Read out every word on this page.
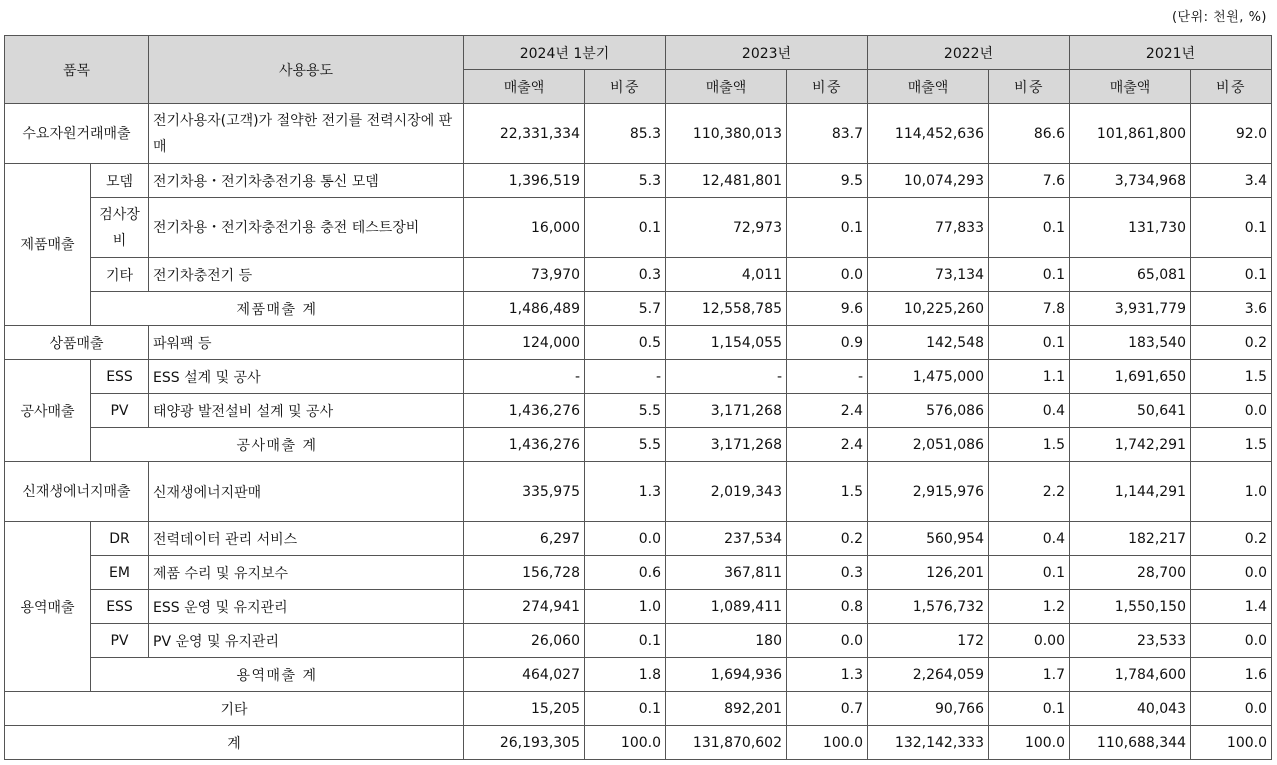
(단위: 천원, %)
품목		사용용도	2024년 1분기		2023년		2022년		2021년	
			매출액	비중	매출액	비중	매출액	비중	매출액	비중
수요자원거래매출		전기사용자(고객)가 절약한 전기를 전력시장에 판매	22,331,334	85.3	110,380,013	83.7	114,452,636	86.6	101,861,800	92.0
제품매출	모뎀	전기차용・전기차충전기용 통신 모뎀	1,396,519	5.3	12,481,801	9.5	10,074,293	7.6	3,734,968	3.4
	검사장비	전기차용・전기차충전기용 충전 테스트장비	16,000	0.1	72,973	0.1	77,833	0.1	131,730	0.1
	기타	전기차충전기 등	73,970	0.3	4,011	0.0	73,134	0.1	65,081	0.1
	제품매출 계		1,486,489	5.7	12,558,785	9.6	10,225,260	7.8	3,931,779	3.6
상품매출		파워팩 등	124,000	0.5	1,154,055	0.9	142,548	0.1	183,540	0.2
공사매출	ESS	ESS 설계 및 공사	-	-	-	-	1,475,000	1.1	1,691,650	1.5
	PV	태양광 발전설비 설계 및 공사	1,436,276	5.5	3,171,268	2.4	576,086	0.4	50,641	0.0
	공사매출 계		1,436,276	5.5	3,171,268	2.4	2,051,086	1.5	1,742,291	1.5
신재생에너지매출		신재생에너지판매	335,975	1.3	2,019,343	1.5	2,915,976	2.2	1,144,291	1.0
용역매출	DR	전력데이터 관리 서비스	6,297	0.0	237,534	0.2	560,954	0.4	182,217	0.2
	EM	제품 수리 및 유지보수	156,728	0.6	367,811	0.3	126,201	0.1	28,700	0.0
	ESS	ESS 운영 및 유지관리	274,941	1.0	1,089,411	0.8	1,576,732	1.2	1,550,150	1.4
	PV	PV 운영 및 유지관리	26,060	0.1	180	0.0	172	0.00	23,533	0.0
	용역매출 계		464,027	1.8	1,694,936	1.3	2,264,059	1.7	1,784,600	1.6
기타			15,205	0.1	892,201	0.7	90,766	0.1	40,043	0.0
계			26,193,305	100.0	131,870,602	100.0	132,142,333	100.0	110,688,344	100.0
